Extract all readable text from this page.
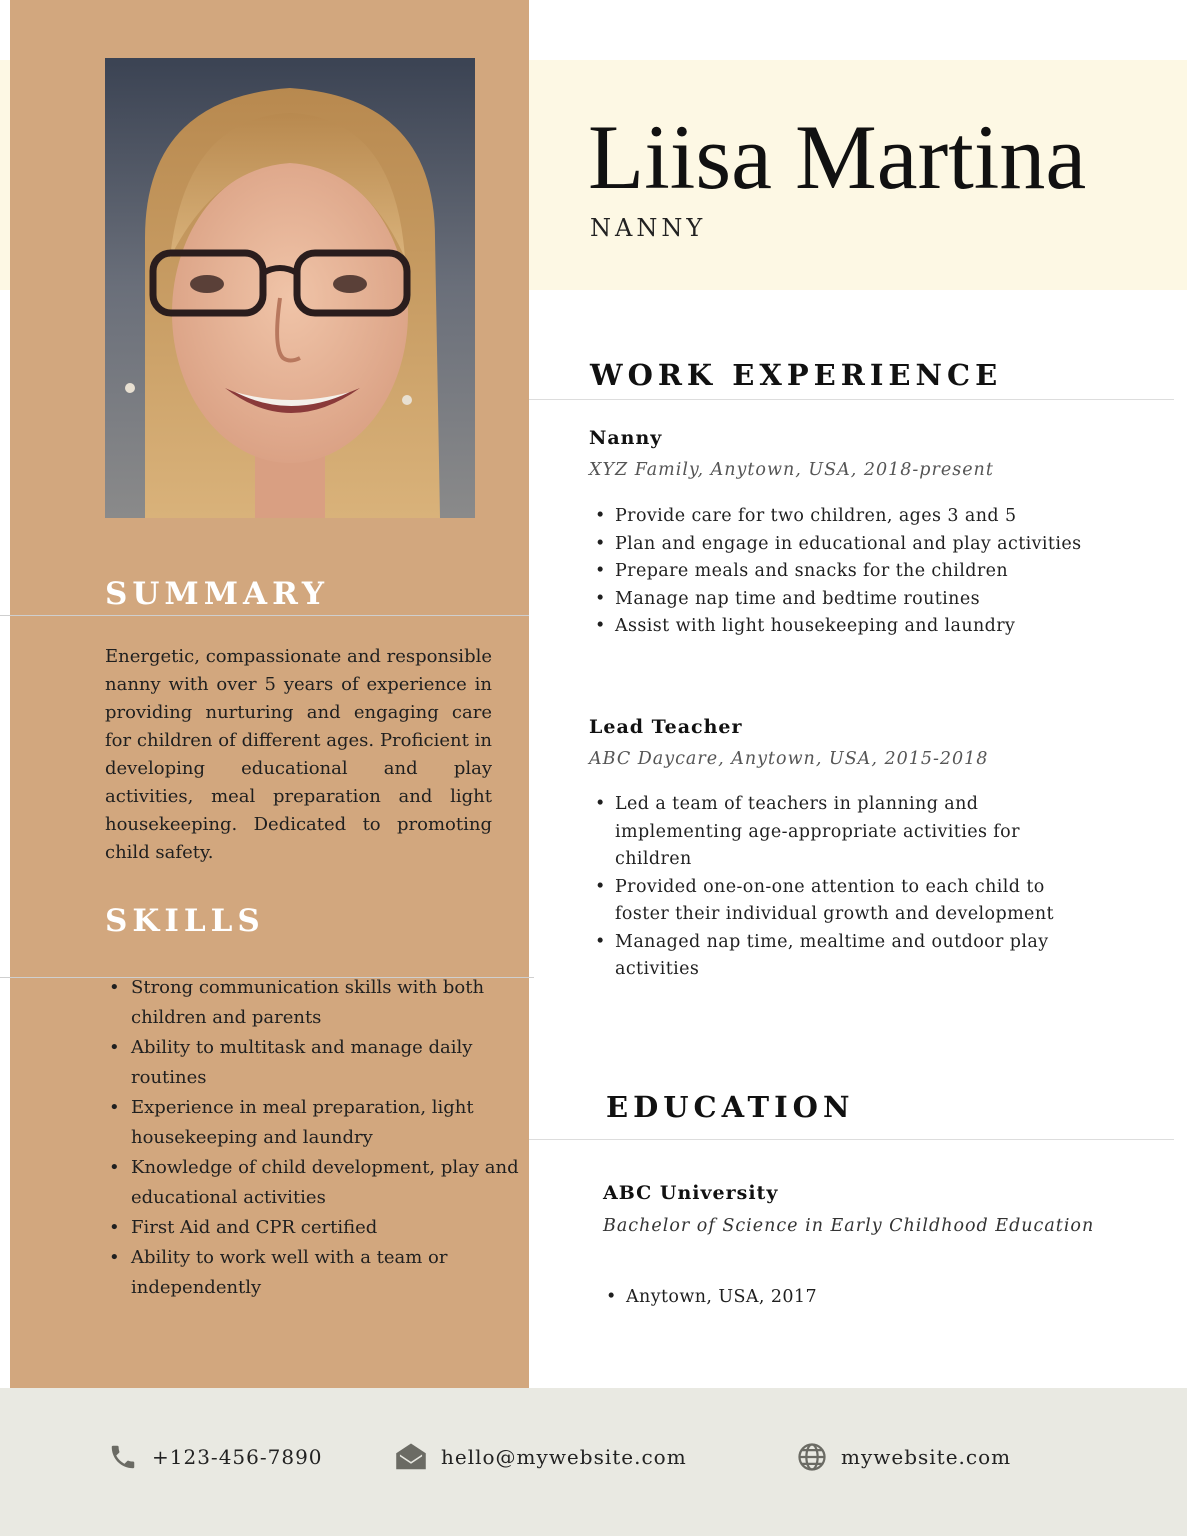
SUMMARY

Energetic, compassionate and responsible nanny with over 5 years of experience in providing nurturing and engaging care for children of different ages. Proficient in developing educational and play activities, meal preparation and light housekeeping. Dedicated to promoting child safety.

SKILLS
• Strong communication skills with both children and parents
• Ability to multitask and manage daily routines
• Experience in meal preparation, light housekeeping and laundry
• Knowledge of child development, play and educational activities
• First Aid and CPR certified
• Ability to work well with a team or independently
Liisa Martina

NANNY

WORK EXPERIENCE

Nanny

XYZ Family, Anytown, USA, 2018-present

• Provide care for two children, ages 3 and 5
• Plan and engage in educational and play activities
• Prepare meals and snacks for the children
• Manage nap time and bedtime routines
• Assist with light housekeeping and laundry

Lead Teacher

ABC Daycare, Anytown, USA, 2015-2018

• Led a team of teachers in planning and implementing age-appropriate activities for children
• Provided one-on-one attention to each child to foster their individual growth and development
• Managed nap time, mealtime and outdoor play activities
EDUCATION

ABC University

Bachelor of Science in Early Childhood Education

• Anytown, USA, 2017
+123-456-7890	hello@mywebsite.com	mywebsite.com
